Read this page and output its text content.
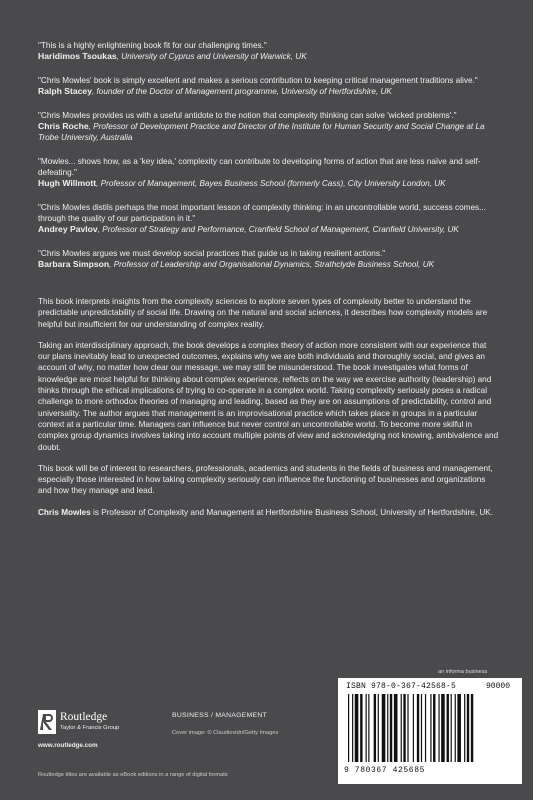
"This is a highly enlightening book fit for our challenging times."
Haridimos Tsoukas, University of Cyprus and University of Warwick, UK
"Chris Mowles' book is simply excellent and makes a serious contribution to keeping critical management traditions alive."
Ralph Stacey, founder of the Doctor of Management programme, University of Hertfordshire, UK
"Chris Mowles provides us with a useful antidote to the notion that complexity thinking can solve 'wicked problems'."
Chris Roche, Professor of Development Practice and Director of the Institute for Human Security and Social Change at La Trobe University, Australia
"Mowles... shows how, as a 'key idea,' complexity can contribute to developing forms of action that are less naïve and self-defeating."
Hugh Willmott, Professor of Management, Bayes Business School (formerly Cass), City University London, UK
"Chris Mowles distils perhaps the most important lesson of complexity thinking: in an uncontrollable world, success comes... through the quality of our participation in it."
Andrey Pavlov, Professor of Strategy and Performance, Cranfield School of Management, Cranfield University, UK
"Chris Mowles argues we must develop social practices that guide us in taking resilient actions."
Barbara Simpson, Professor of Leadership and Organisational Dynamics, Strathclyde Business School, UK

This book interprets insights from the complexity sciences to explore seven types of complexity better to understand the predictable unpredictability of social life. Drawing on the natural and social sciences, it describes how complexity models are helpful but insufficient for our understanding of complex reality.

Taking an interdisciplinary approach, the book develops a complex theory of action more consistent with our experience that our plans inevitably lead to unexpected outcomes, explains why we are both individuals and thoroughly social, and gives an account of why, no matter how clear our message, we may still be misunderstood. The book investigates what forms of knowledge are most helpful for thinking about complex experience, reflects on the way we exercise authority (leadership) and thinks through the ethical implications of trying to co-operate in a complex world. Taking complexity seriously poses a radical challenge to more orthodox theories of managing and leading, based as they are on assumptions of predictability, control and universality. The author argues that management is an improvisational practice which takes place in groups in a particular context at a particular time. Managers can influence but never control an uncontrollable world. To become more skilful in complex group dynamics involves taking into account multiple points of view and acknowledging not knowing, ambivalence and doubt.

This book will be of interest to researchers, professionals, academics and students in the fields of business and management, especially those interested in how taking complexity seriously can influence the functioning of businesses and organizations and how they manage and lead.

Chris Mowles is Professor of Complexity and Management at Hertfordshire Business School, University of Hertfordshire, UK.

an informa business
ISBN 978-0-367-42568-5
9 780367 425685
90000
Routledge
Taylor & Francis Group
www.routledge.com
BUSINESS / MANAGEMENT
Cover image: © Claudiovidri/Getty Images
Routledge titles are available as eBook editions in a range of digital formats
